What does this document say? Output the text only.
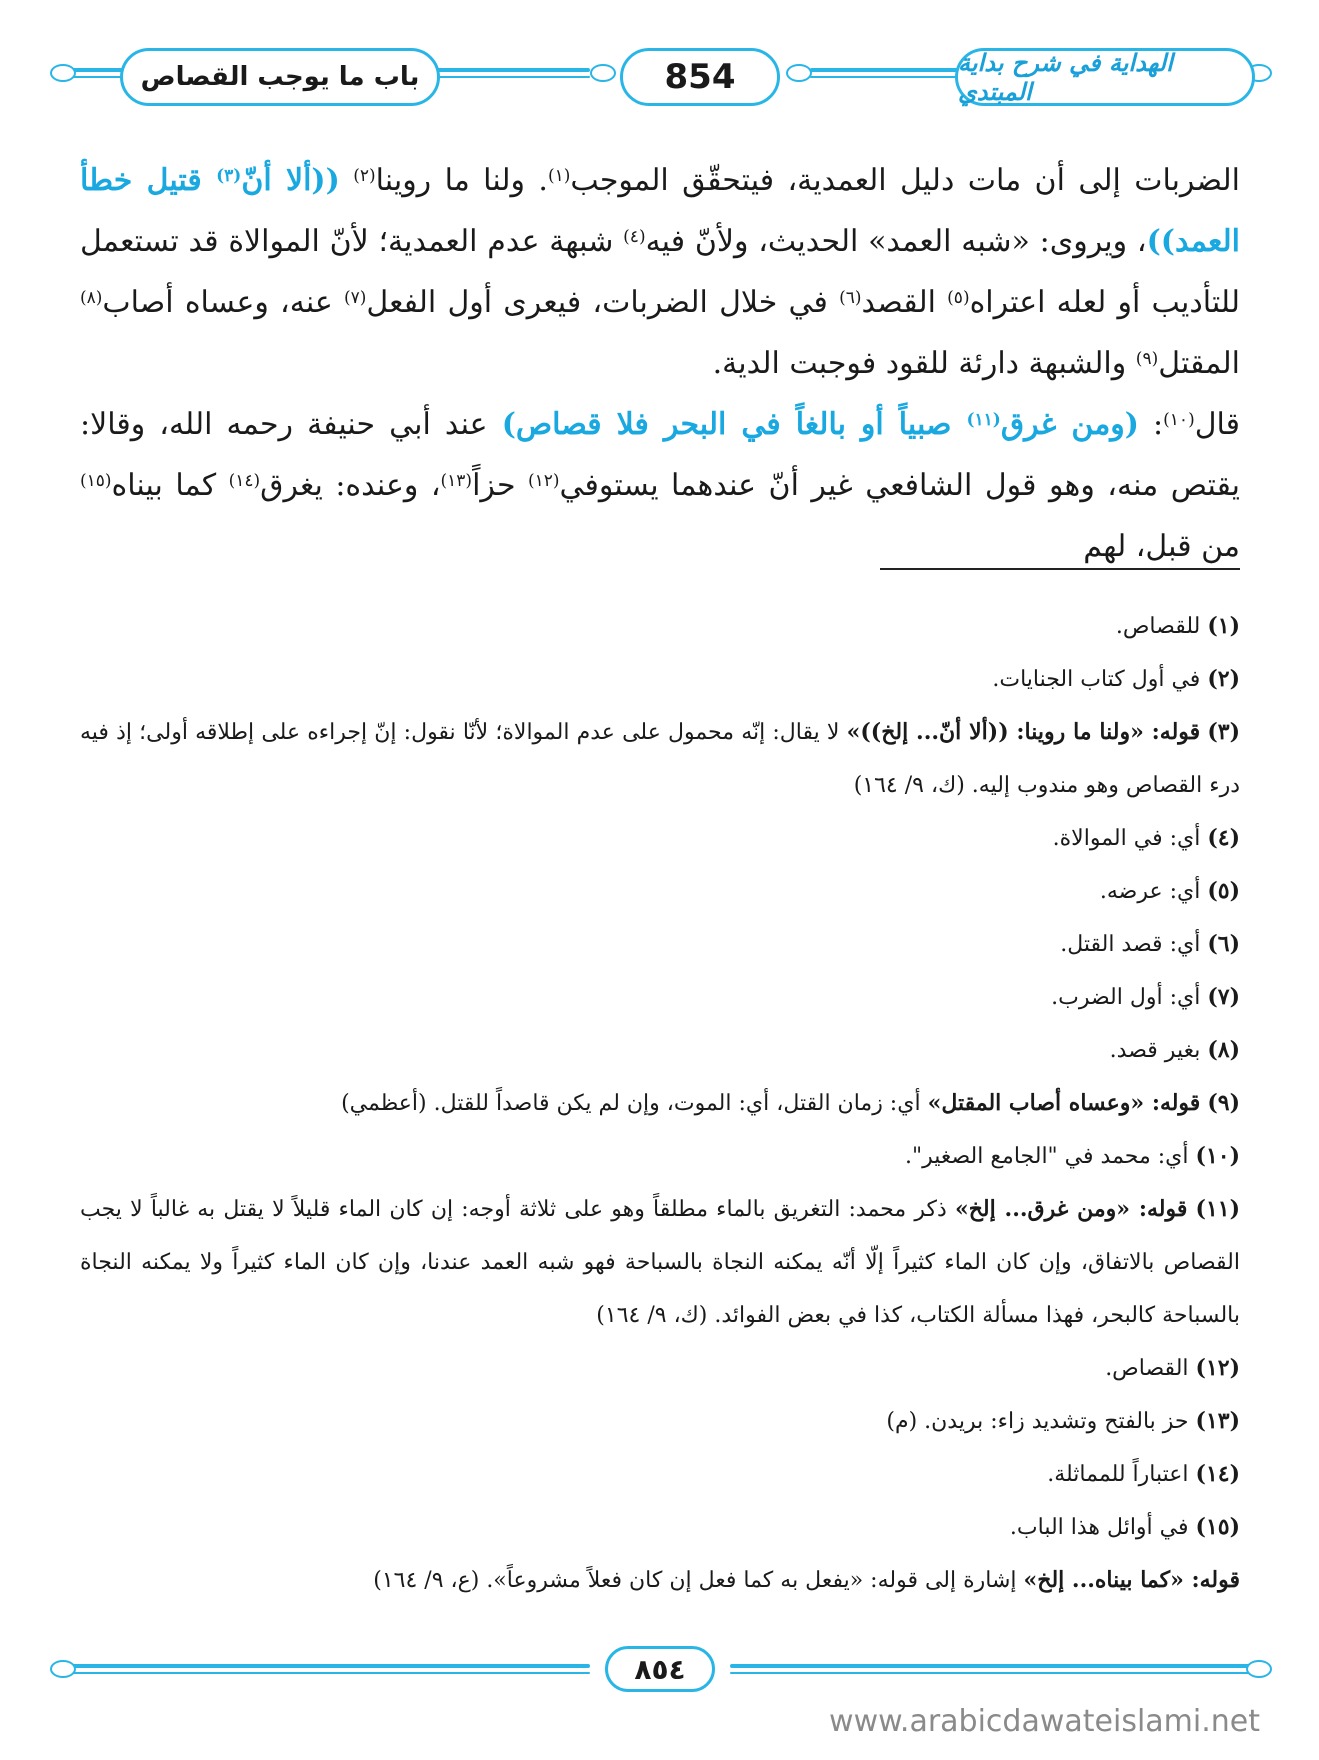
باب ما يوجب القصاص	854	الهداية في شرح بداية المبتدي

الضربات إلى أن مات دليل العمدية، فيتحقّق الموجب$^{(١)}$. ولنا ما روينا$^{(٢)}$ ((ألا أنّ$^{(٣)}$ قتيل خطأ العمد))، ويروى: «شبه العمد» الحديث، ولأنّ فيه$^{(٤)}$ شبهة عدم العمدية؛ لأنّ الموالاة قد تستعمل للتأديب أو لعله اعتراه$^{(٥)}$ القصد$^{(٦)}$ في خلال الضربات، فيعرى أول الفعل$^{(٧)}$ عنه، وعساه أصاب$^{(٨)}$ المقتل$^{(٩)}$ والشبهة دارئة للقود فوجبت الدية.

قال$^{(١٠)}$: (ومن غرق$^{(١١)}$ صبياً أو بالغاً في البحر فلا قصاص) عند أبي حنيفة رحمه الله، وقالا: يقتص منه، وهو قول الشافعي غير أنّ عندهما يستوفي$^{(١٢)}$ حزاً$^{(١٣)}$، وعنده: يغرق$^{(١٤)}$ كما بيناه$^{(١٥)}$ من قبل، لهم

(١) للقصاص.

(٢) في أول كتاب الجنايات.

(٣) قوله: «ولنا ما روينا: ((ألا أنّ... إلخ))» لا يقال: إنّه محمول على عدم الموالاة؛ لأنّا نقول: إنّ إجراءه على إطلاقه أولى؛ إذ فيه درء القصاص وهو مندوب إليه. (ك، ٩/ ١٦٤)

(٤) أي: في الموالاة.

(٥) أي: عرضه.

(٦) أي: قصد القتل.

(٧) أي: أول الضرب.

(٨) بغير قصد.

(٩) قوله: «وعساه أصاب المقتل» أي: زمان القتل، أي: الموت، وإن لم يكن قاصداً للقتل. (أعظمي)

(١٠) أي: محمد في "الجامع الصغير".

(١١) قوله: «ومن غرق... إلخ» ذكر محمد: التغريق بالماء مطلقاً وهو على ثلاثة أوجه: إن كان الماء قليلاً لا يقتل به غالباً لا يجب القصاص بالاتفاق، وإن كان الماء كثيراً إلّا أنّه يمكنه النجاة بالسباحة فهو شبه العمد عندنا، وإن كان الماء كثيراً ولا يمكنه النجاة بالسباحة كالبحر، فهذا مسألة الكتاب، كذا في بعض الفوائد. (ك، ٩/ ١٦٤)

(١٢) القصاص.

(١٣) حز بالفتح وتشديد زاء: بريدن. (م)

(١٤) اعتباراً للمماثلة.

(١٥) في أوائل هذا الباب.

قوله: «كما بيناه... إلخ» إشارة إلى قوله: «يفعل به كما فعل إن كان فعلاً مشروعاً». (ع، ٩/ ١٦٤)

٨٥٤
www.arabicdawateislami.net
